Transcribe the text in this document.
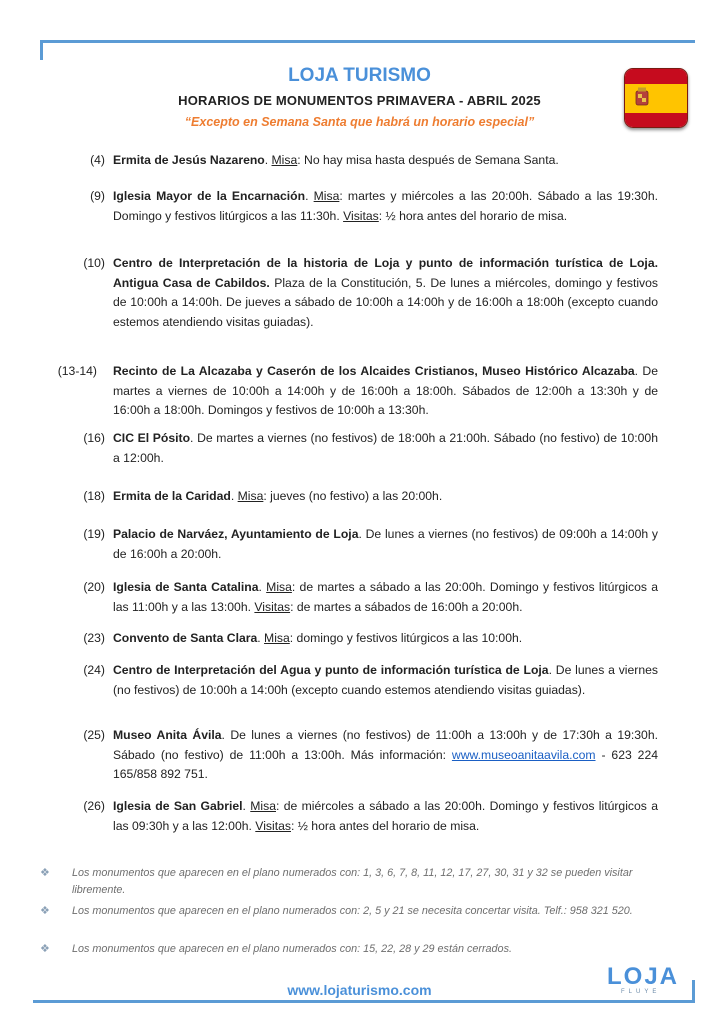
LOJA TURISMO
HORARIOS DE MONUMENTOS PRIMAVERA - ABRIL 2025
“Excepto en Semana Santa que habrá un horario especial”
(4) Ermita de Jesús Nazareno. Misa: No hay misa hasta después de Semana Santa.
(9) Iglesia Mayor de la Encarnación. Misa: martes y miércoles a las 20:00h. Sábado a las 19:30h. Domingo y festivos litúrgicos a las 11:30h. Visitas: ½ hora antes del horario de misa.
(10) Centro de Interpretación de la historia de Loja y punto de información turística de Loja. Antigua Casa de Cabildos. Plaza de la Constitución, 5. De lunes a miércoles, domingo y festivos de 10:00h a 14:00h. De jueves a sábado de 10:00h a 14:00h y de 16:00h a 18:00h (excepto cuando estemos atendiendo visitas guiadas).
(13-14) Recinto de La Alcazaba y Caserón de los Alcaides Cristianos, Museo Histórico Alcazaba. De martes a viernes de 10:00h a 14:00h y de 16:00h a 18:00h. Sábados de 12:00h a 13:30h y de 16:00h a 18:00h. Domingos y festivos de 10:00h a 13:30h.
(16) CIC El Pósito. De martes a viernes (no festivos) de 18:00h a 21:00h. Sábado (no festivo) de 10:00h a 12:00h.
(18) Ermita de la Caridad. Misa: jueves (no festivo) a las 20:00h.
(19) Palacio de Narváez, Ayuntamiento de Loja. De lunes a viernes (no festivos) de 09:00h a 14:00h y de 16:00h a 20:00h.
(20) Iglesia de Santa Catalina. Misa: de martes a sábado a las 20:00h. Domingo y festivos litúrgicos a las 11:00h y a las 13:00h. Visitas: de martes a sábados de 16:00h a 20:00h.
(23) Convento de Santa Clara. Misa: domingo y festivos litúrgicos a las 10:00h.
(24) Centro de Interpretación del Agua y punto de información turística de Loja. De lunes a viernes (no festivos) de 10:00h a 14:00h (excepto cuando estemos atendiendo visitas guiadas).
(25) Museo Anita Ávila. De lunes a viernes (no festivos) de 11:00h a 13:00h y de 17:30h a 19:30h. Sábado (no festivo) de 11:00h a 13:00h. Más información: www.museoanitaavila.com - 623 224 165/858 892 751.
(26) Iglesia de San Gabriel. Misa: de miércoles a sábado a las 20:00h. Domingo y festivos litúrgicos a las 09:30h y a las 12:00h. Visitas: ½ hora antes del horario de misa.
❖ Los monumentos que aparecen en el plano numerados con: 1, 3, 6, 7, 8, 11, 12, 17, 27, 30, 31 y 32 se pueden visitar libremente.
❖ Los monumentos que aparecen en el plano numerados con: 2, 5 y 21 se necesita concertar visita. Telf.: 958 321 520.
❖ Los monumentos que aparecen en el plano numerados con: 15, 22, 28 y 29 están cerrados.
www.lojaturismo.com	LOJA
FLUYE
